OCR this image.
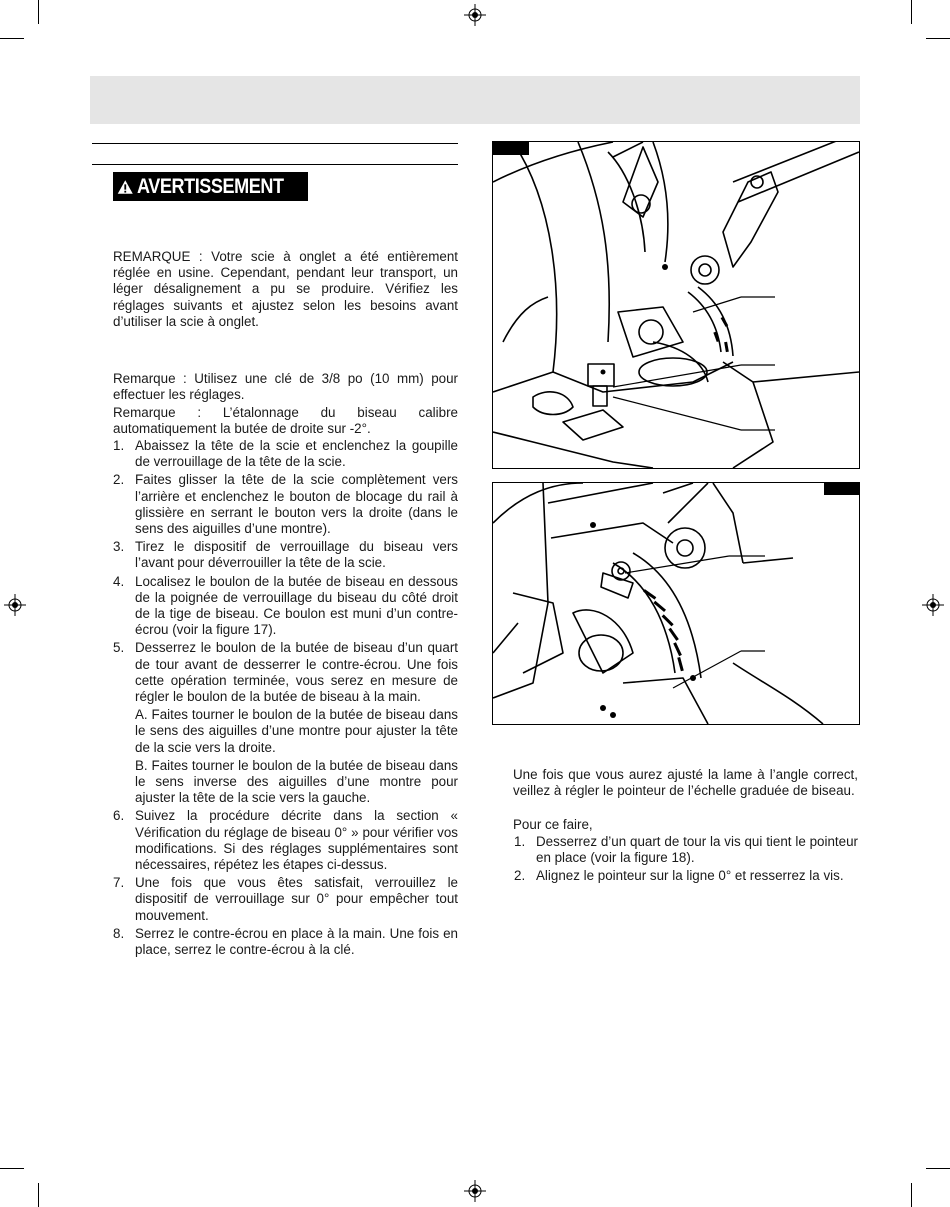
AVERTISSEMENT

REMARQUE : Votre scie à onglet a été entièrement réglée en usine. Cependant, pendant leur transport, un léger désalignement a pu se produire. Vérifiez les réglages suivants et ajustez selon les besoins avant d’utiliser la scie à onglet.

Remarque : Utilisez une clé de 3/8 po (10 mm) pour effectuer les réglages.

Remarque : L’étalonnage du biseau calibre automatiquement la butée de droite sur -2°.

1. Abaissez la tête de la scie et enclenchez la goupille de verrouillage de la tête de la scie.
2. Faites glisser la tête de la scie complètement vers l’arrière et enclenchez le bouton de blocage du rail à glissière en serrant le bouton vers la droite (dans le sens des aiguilles d’une montre).
3. Tirez le dispositif de verrouillage du biseau vers l’avant pour déverrouiller la tête de la scie.
4. Localisez le boulon de la butée de biseau en dessous de la poignée de verrouillage du biseau du côté droit de la tige de biseau. Ce boulon est muni d’un contre-écrou (voir la figure 17).
5. Desserrez le boulon de la butée de biseau d’un quart de tour avant de desserrer le contre-écrou. Une fois cette opération terminée, vous serez en mesure de régler le boulon de la butée de biseau à la main.
A. Faites tourner le boulon de la butée de biseau dans le sens des aiguilles d’une montre pour ajuster la tête de la scie vers la droite.
B. Faites tourner le boulon de la butée de biseau dans le sens inverse des aiguilles d’une montre pour ajuster la tête de la scie vers la gauche.
6. Suivez la procédure décrite dans la section « Vérification du réglage de biseau 0° » pour vérifier vos modifications. Si des réglages supplémentaires sont nécessaires, répétez les étapes ci-dessus.
7. Une fois que vous êtes satisfait, verrouillez le dispositif de verrouillage sur 0° pour empêcher tout mouvement.
8. Serrez le contre-écrou en place à la main. Une fois en place, serrez le contre-écrou à la clé.

Une fois que vous aurez ajusté la lame à l’angle correct, veillez à régler le pointeur de l’échelle graduée de biseau.

Pour ce faire,

1. Desserrez d’un quart de tour la vis qui tient le pointeur en place (voir la figure 18).
2. Alignez le pointeur sur la ligne 0° et resserrez la vis.
